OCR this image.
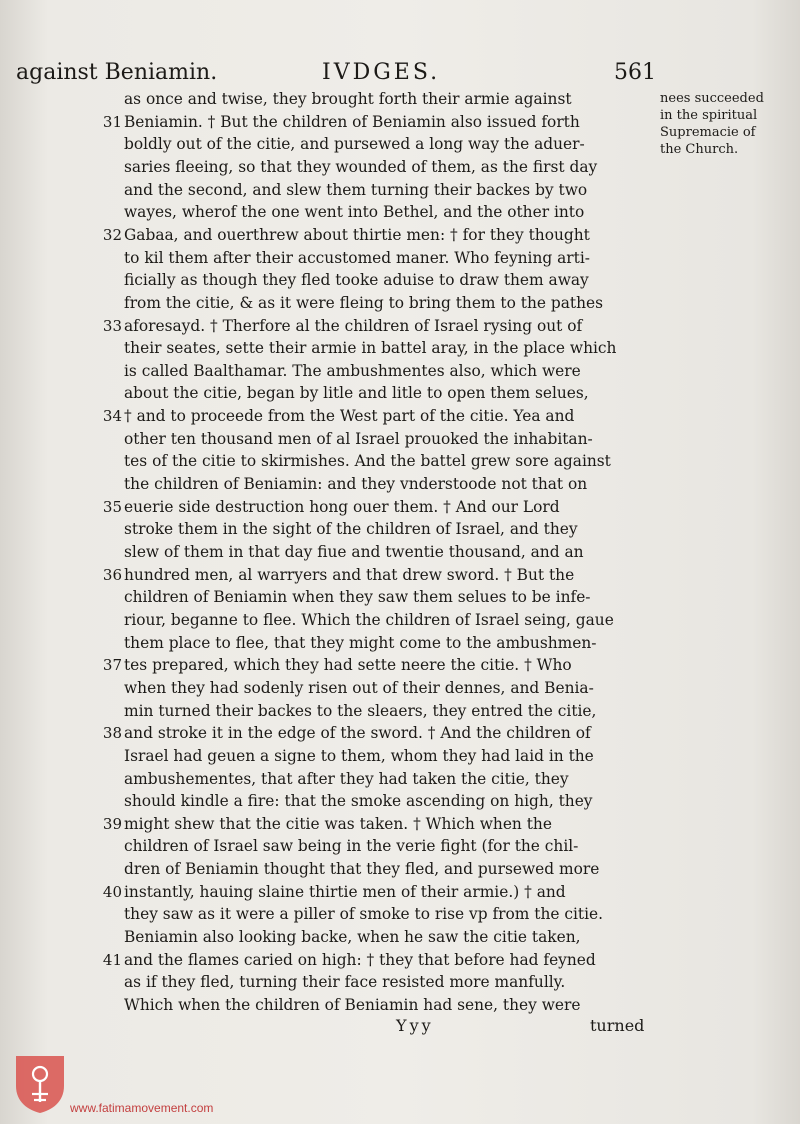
against Beniamin.	IVDGES.	561
nees succeeded in the spiritual Supremacie of the Church.
as once and twise, they brought forth their armie against
31 Beniamin. † But the children of Beniamin also issued forth
boldly out of the citie, and pursewed a long way the aduer-
saries fleeing, so that they wounded of them, as the first day
and the second, and slew them turning their backes by two
wayes, wherof the one went into Bethel, and the other into
32 Gabaa, and ouerthrew about thirtie men: † for they thought
to kil them after their accustomed maner. Who feyning arti-
ficially as though they fled tooke aduise to draw them away
from the citie, & as it were fleing to bring them to the pathes
33 aforesayd. † Therfore al the children of Israel rysing out of
their seates, sette their armie in battel aray, in the place which
is called Baalthamar. The ambushmentes also, which were
about the citie, began by litle and litle to open them selues,
34 † and to proceede from the West part of the citie. Yea and
other ten thousand men of al Israel prouoked the inhabitan-
tes of the citie to skirmishes. And the battel grew sore against
the children of Beniamin: and they vnderstoode not that on
35 euerie side destruction hong ouer them. † And our Lord
stroke them in the sight of the children of Israel, and they
slew of them in that day fiue and twentie thousand, and an
36 hundred men, al warryers and that drew sword. † But the
children of Beniamin when they saw them selues to be infe-
riour, beganne to flee. Which the children of Israel seing, gaue
them place to flee, that they might come to the ambushmen-
37 tes prepared, which they had sette neere the citie. † Who
when they had sodenly risen out of their dennes, and Benia-
min turned their backes to the sleaers, they entred the citie,
38 and stroke it in the edge of the sword. † And the children of
Israel had geuen a signe to them, whom they had laid in the
ambushementes, that after they had taken the citie, they
should kindle a fire: that the smoke ascending on high, they
39 might shew that the citie was taken. † Which when the
children of Israel saw being in the verie fight (for the chil-
dren of Beniamin thought that they fled, and pursewed more
40 instantly, hauing slaine thirtie men of their armie.) † and
they saw as it were a piller of smoke to rise vp from the citie.
Beniamin also looking backe, when he saw the citie taken,
41 and the flames caried on high: † they that before had feyned
as if they fled, turning their face resisted more manfully.
Which when the children of Beniamin had sene, they were
Yyy	turned
www.fatimamovement.com
